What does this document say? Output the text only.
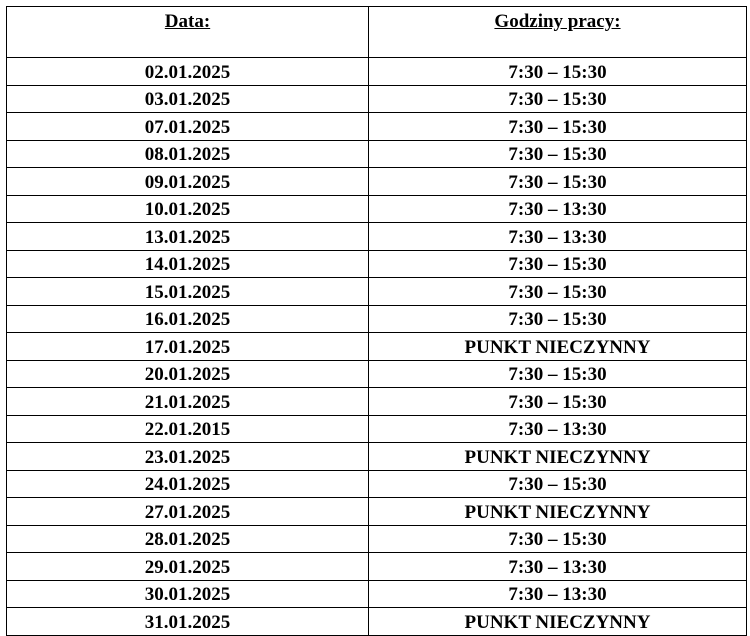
Data:	Godziny pracy:
02.01.2025	7:30 – 15:30
03.01.2025	7:30 – 15:30
07.01.2025	7:30 – 15:30
08.01.2025	7:30 – 15:30
09.01.2025	7:30 – 15:30
10.01.2025	7:30 – 13:30
13.01.2025	7:30 – 13:30
14.01.2025	7:30 – 15:30
15.01.2025	7:30 – 15:30
16.01.2025	7:30 – 15:30
17.01.2025	PUNKT NIECZYNNY
20.01.2025	7:30 – 15:30
21.01.2025	7:30 – 15:30
22.01.2015	7:30 – 13:30
23.01.2025	PUNKT NIECZYNNY
24.01.2025	7:30 – 15:30
27.01.2025	PUNKT NIECZYNNY
28.01.2025	7:30 – 15:30
29.01.2025	7:30 – 13:30
30.01.2025	7:30 – 13:30
31.01.2025	PUNKT NIECZYNNY
